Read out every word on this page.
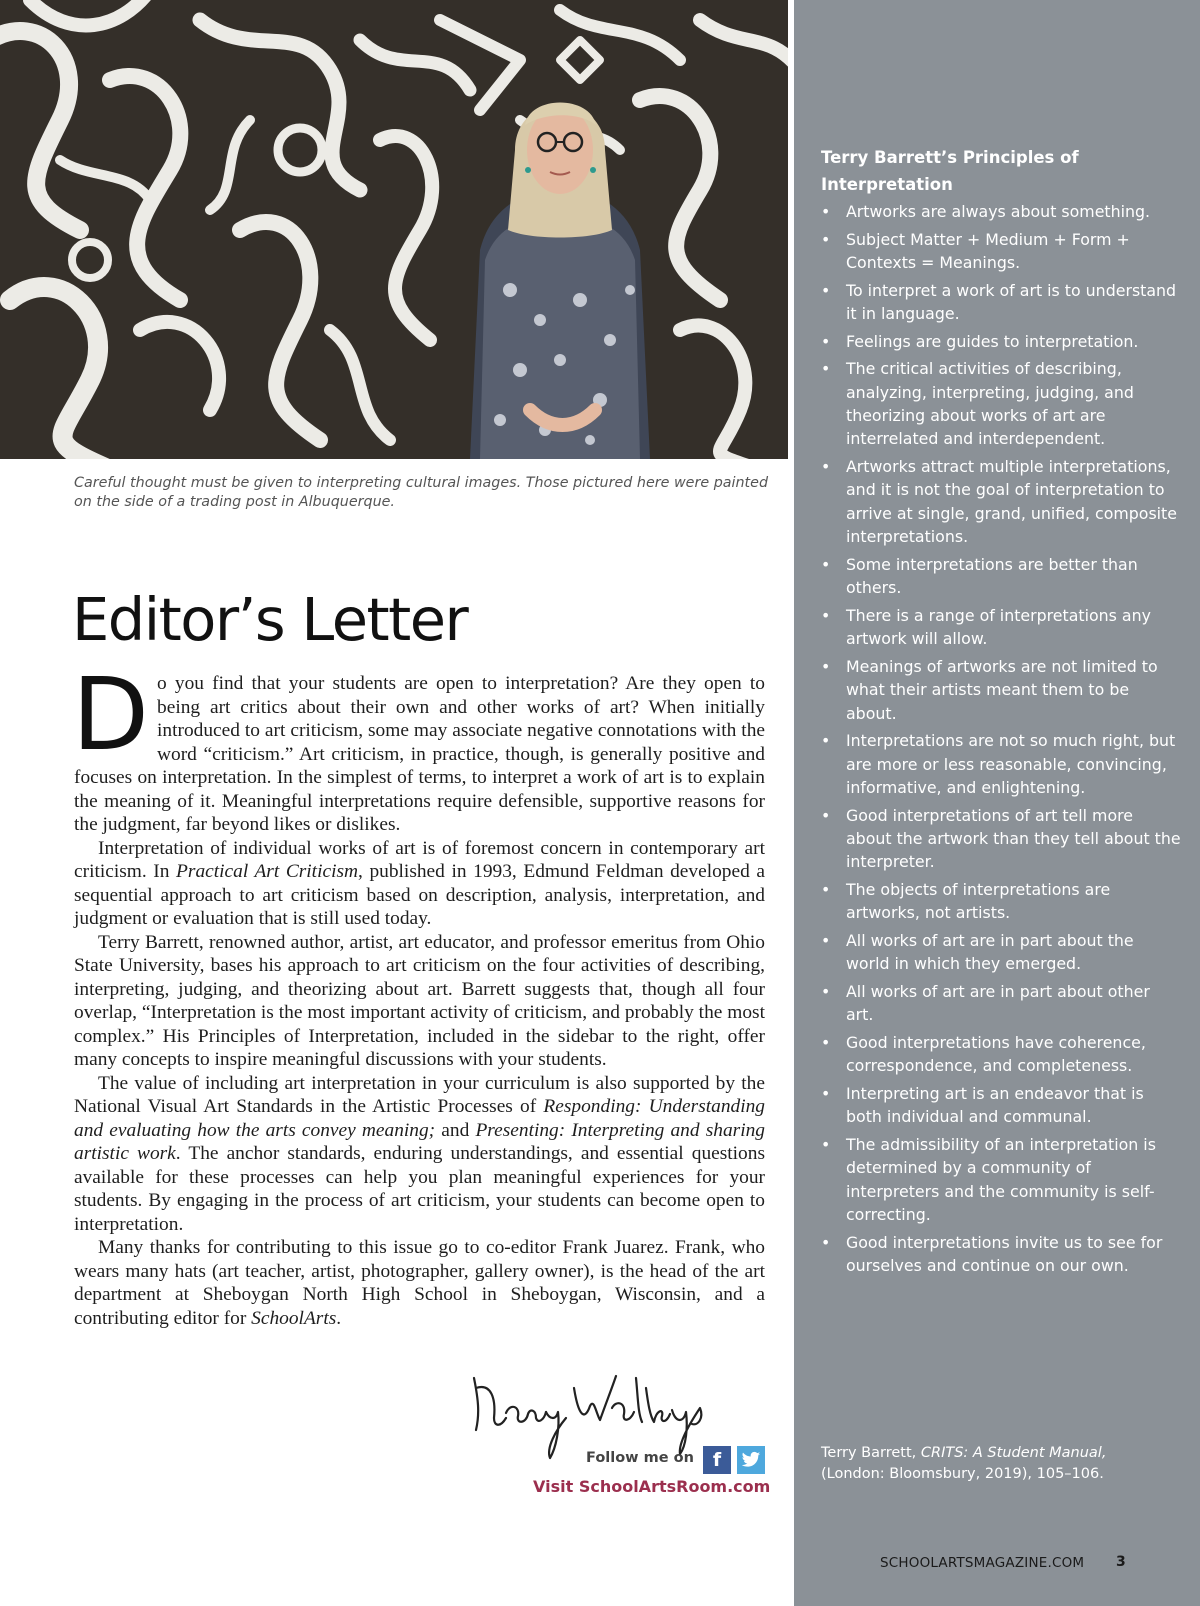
Careful thought must be given to interpreting cultural images. Those pictured here were painted on the side of a trading post in Albuquerque.
Editor’s Letter

Do you find that your students are open to interpretation? Are they open to being art critics about their own and other works of art? When initially introduced to art criticism, some may associate negative connotations with the word “criticism.” Art criticism, in practice, though, is generally positive and focuses on interpretation. In the simplest of terms, to interpret a work of art is to explain the meaning of it. Meaningful interpretations require defensible, supportive reasons for the judgment, far beyond likes or dislikes.

Interpretation of individual works of art is of foremost concern in contemporary art criticism. In Practical Art Criticism, published in 1993, Edmund Feldman developed a sequential approach to art criticism based on description, analysis, interpretation, and judgment or evaluation that is still used today.

Terry Barrett, renowned author, artist, art educator, and professor emeritus from Ohio State University, bases his approach to art criticism on the four activities of describing, interpreting, judging, and theorizing about art. Barrett suggests that, though all four overlap, “Interpretation is the most important activity of criticism, and probably the most complex.” His Principles of Interpretation, included in the sidebar to the right, offer many concepts to inspire meaningful discussions with your students.

The value of including art interpretation in your curriculum is also supported by the National Visual Art Standards in the Artistic Processes of Responding: Understanding and evaluating how the arts convey meaning; and Presenting: Interpreting and sharing artistic work. The anchor standards, enduring understandings, and essential questions available for these processes can help you plan meaningful experiences for your students. By engaging in the process of art criticism, your students can become open to interpretation.

Many thanks for contributing to this issue go to co-editor Frank Juarez. Frank, who wears many hats (art teacher, artist, photographer, gallery owner), is the head of the art department at Sheboygan North High School in Sheboygan, Wisconsin, and a contributing editor for SchoolArts.

Follow me on f
Visit SchoolArtsRoom.com
Terry Barrett’s Principles of Interpretation
• Artworks are always about something.
• Subject Matter + Medium + Form + Contexts = Meanings.
• To interpret a work of art is to understand it in language.
• Feelings are guides to interpretation.
• The critical activities of describing, analyzing, interpreting, judging, and theorizing about works of art are interrelated and interdependent.
• Artworks attract multiple interpretations, and it is not the goal of interpretation to arrive at single, grand, unified, composite interpretations.
• Some interpretations are better than others.
• There is a range of interpretations any artwork will allow.
• Meanings of artworks are not limited to what their artists meant them to be about.
• Interpretations are not so much right, but are more or less reasonable, convincing, informative, and enlightening.
• Good interpretations of art tell more about the artwork than they tell about the interpreter.
• The objects of interpretations are artworks, not artists.
• All works of art are in part about the world in which they emerged.
• All works of art are in part about other art.
• Good interpretations have coherence, correspondence, and completeness.
• Interpreting art is an endeavor that is both individual and communal.
• The admissibility of an interpretation is determined by a community of interpreters and the community is self-correcting.
• Good interpretations invite us to see for ourselves and continue on our own.
Terry Barrett, CRITS: A Student Manual, (London: Bloomsbury, 2019), 105–106.
SCHOOLARTSMAGAZINE.COM 3
